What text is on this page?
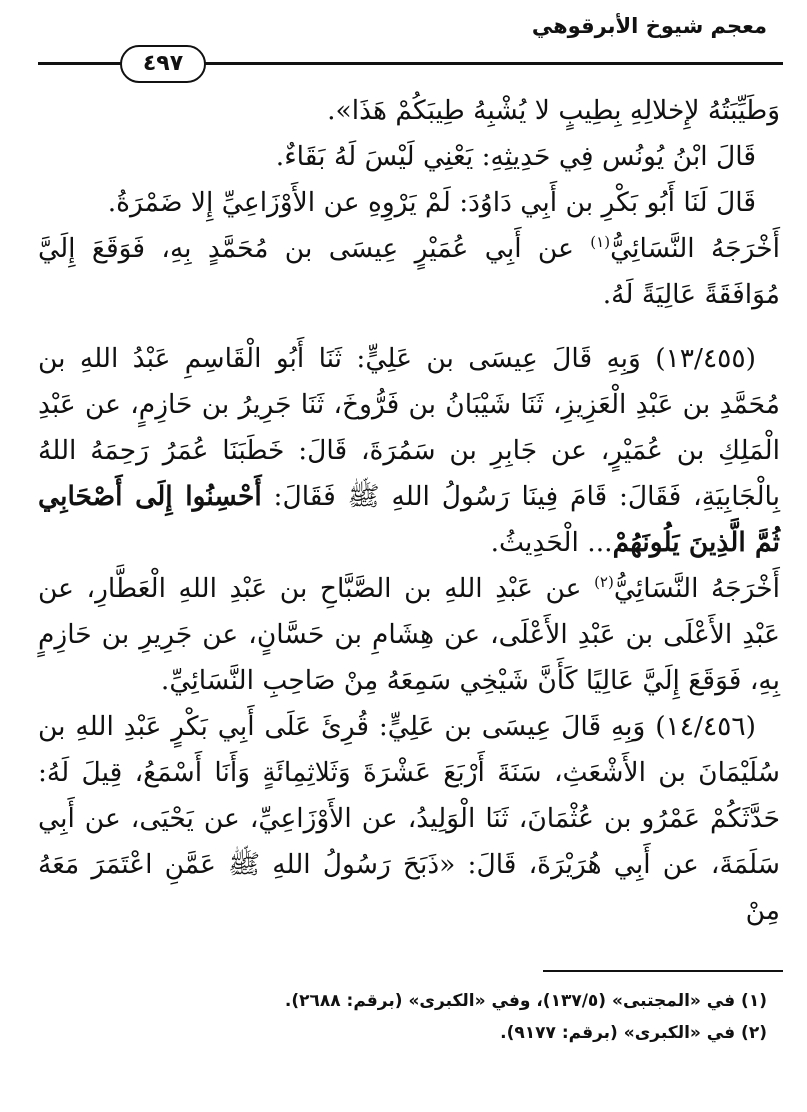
معجم شيوخ الأبرقوهي
٤٩٧

وَطَيِّبَتُهُ لإِخلالِهِ بِطِيبٍ لا يُشْبِهُ طِيبَكُمْ هَذَا».

قَالَ ابْنُ يُونُس فِي حَدِيثِهِ: يَعْنِي لَيْسَ لَهُ بَقَاءٌ.

قَالَ لَنَا أَبُو بَكْرِ بن أَبِي دَاوُدَ: لَمْ يَرْوِهِ عن الأَوْزَاعِيِّ إِلا ضَمْرَةُ.

أَخْرَجَهُ النَّسَائِيُّ$^{(١)}$ عن أَبِي عُمَيْرٍ عِيسَى بن مُحَمَّدٍ بِهِ، فَوَقَعَ إِلَيَّ مُوَافَقَةً عَالِيَةً لَهُ.

(١٣/٤٥٥) وَبِهِ قَالَ عِيسَى بن عَلِيٍّ: ثَنَا أَبُو الْقَاسِمِ عَبْدُ اللهِ بن مُحَمَّدِ بن عَبْدِ الْعَزِيزِ، ثَنَا شَيْبَانُ بن فَرُّوخَ، ثَنَا جَرِيرُ بن حَازِمٍ، عن عَبْدِ الْمَلِكِ بن عُمَيْرٍ، عن جَابِرِ بن سَمُرَةَ، قَالَ: خَطَبَنَا عُمَرُ رَحِمَهُ اللهُ بِالْجَابِيَةِ، فَقَالَ: قَامَ فِينَا رَسُولُ اللهِ ﷺ فَقَالَ: أَحْسِنُوا إِلَى أَصْحَابِي ثُمَّ الَّذِينَ يَلُونَهُمْ... الْحَدِيثُ.

أَخْرَجَهُ النَّسَائِيُّ$^{(٢)}$ عن عَبْدِ اللهِ بن الصَّبَّاحِ بن عَبْدِ اللهِ الْعَطَّارِ، عن عَبْدِ الأَعْلَى بن عَبْدِ الأَعْلَى، عن هِشَامِ بن حَسَّانٍ، عن جَرِيرِ بن حَازِمٍ بِهِ، فَوَقَعَ إِلَيَّ عَالِيًا كَأَنَّ شَيْخِي سَمِعَهُ مِنْ صَاحِبِ النَّسَائِيِّ.

(١٤/٤٥٦) وَبِهِ قَالَ عِيسَى بن عَلِيٍّ: قُرِئَ عَلَى أَبِي بَكْرٍ عَبْدِ اللهِ بن سُلَيْمَانَ بن الأَشْعَثِ، سَنَةَ أَرْبَعَ عَشْرَةَ وَثَلاثِمِائَةٍ وَأَنَا أَسْمَعُ، قِيلَ لَهُ: حَدَّثَكُمْ عَمْرُو بن عُثْمَانَ، ثَنَا الْوَلِيدُ، عن الأَوْزَاعِيِّ، عن يَحْيَى، عن أَبِي سَلَمَةَ، عن أَبِي هُرَيْرَةَ، قَالَ: «ذَبَحَ رَسُولُ اللهِ ﷺ عَمَّنِ اعْتَمَرَ مَعَهُ مِنْ

(١) في «المجتبى» (١٣٧/٥)، وفي «الكبرى» (برقم: ٢٦٨٨).

(٢) في «الكبرى» (برقم: ٩١٧٧).
